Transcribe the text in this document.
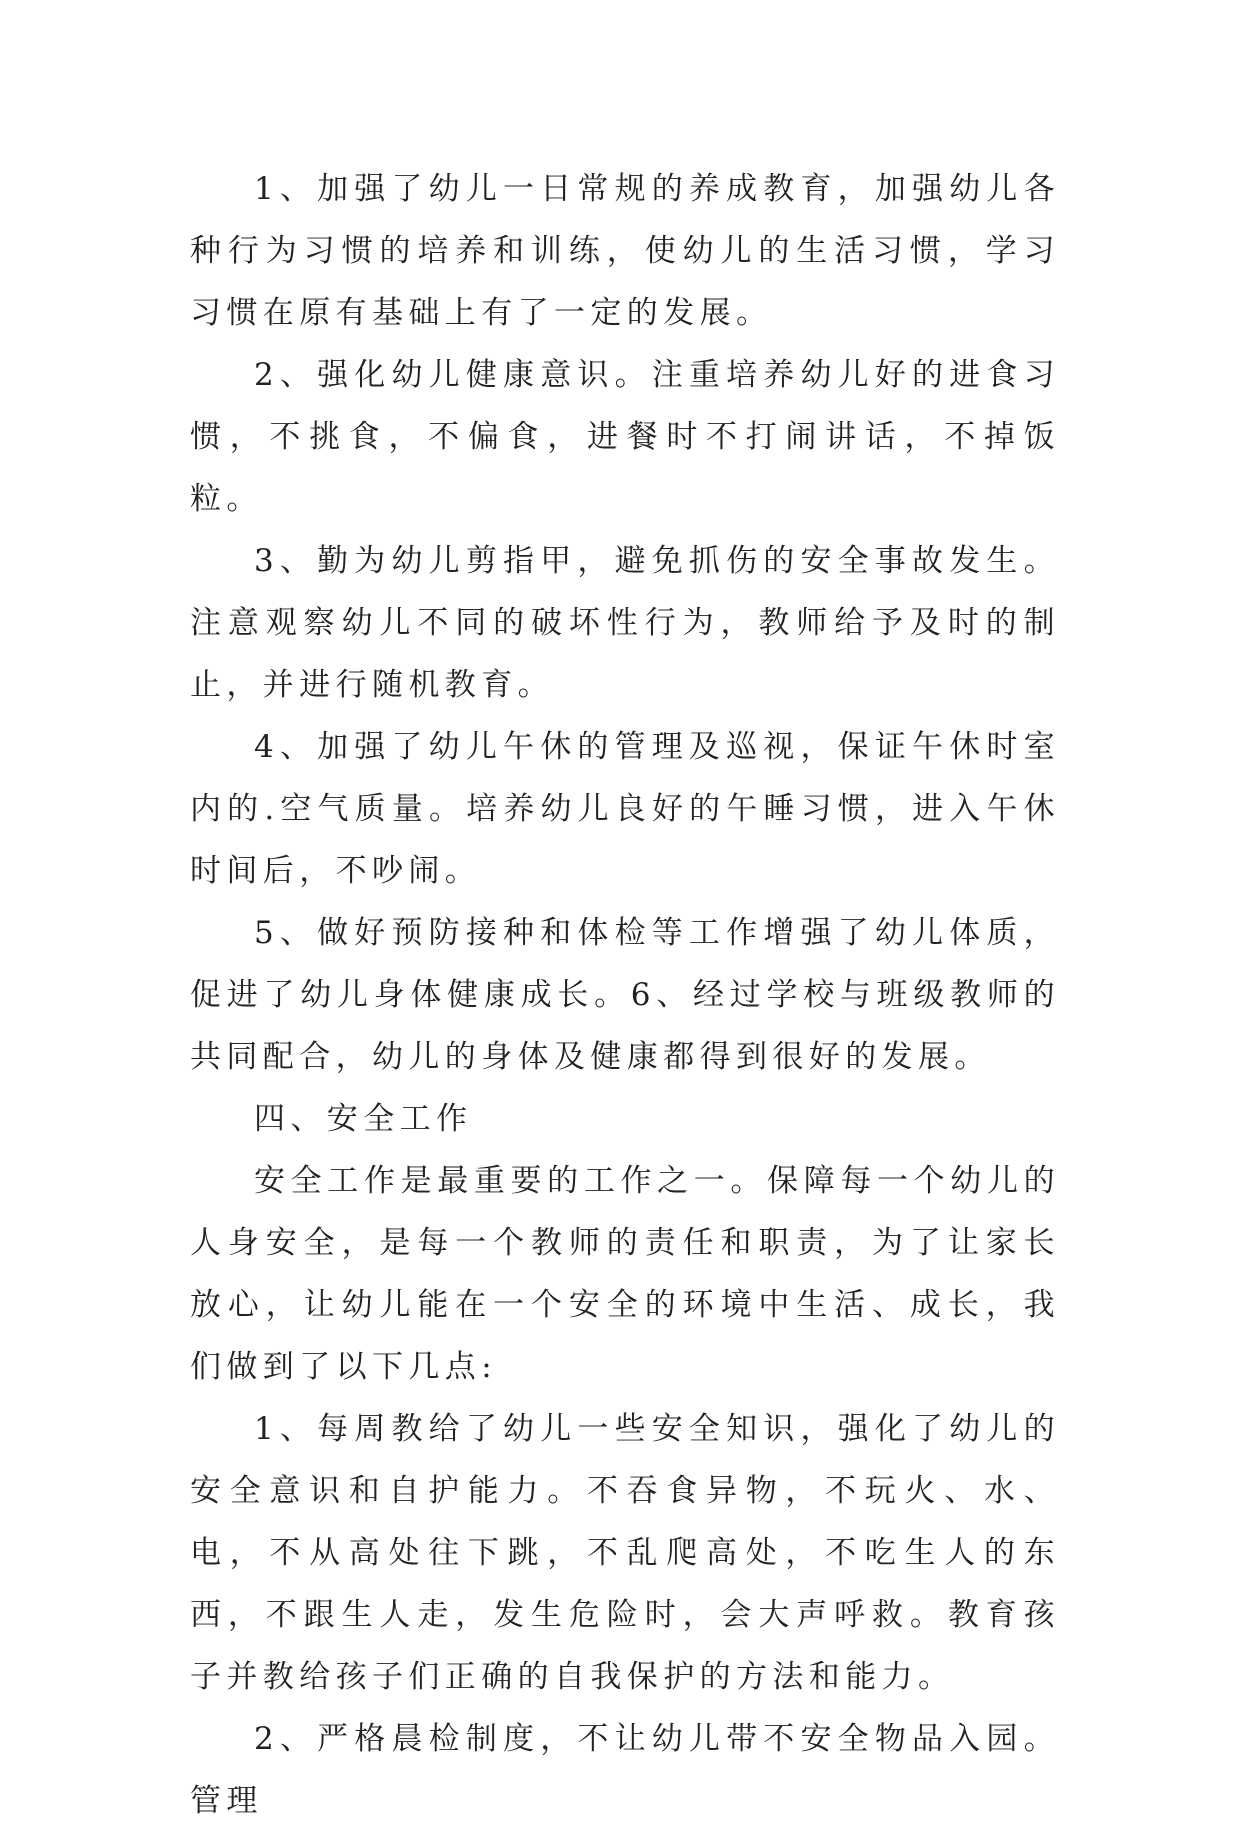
1、加强了幼儿一日常规的养成教育，加强幼儿各种行为习惯的培养和训练，使幼儿的生活习惯，学习习惯在原有基础上有了一定的发展。

2、强化幼儿健康意识。注重培养幼儿好的进食习惯，不挑食，不偏食，进餐时不打闹讲话，不掉饭粒。

3、勤为幼儿剪指甲，避免抓伤的安全事故发生。注意观察幼儿不同的破坏性行为，教师给予及时的制止，并进行随机教育。

4、加强了幼儿午休的管理及巡视，保证午休时室内的.空气质量。培养幼儿良好的午睡习惯，进入午休时间后，不吵闹。

5、做好预防接种和体检等工作增强了幼儿体质，促进了幼儿身体健康成长。6、经过学校与班级教师的共同配合，幼儿的身体及健康都得到很好的发展。

四、安全工作

安全工作是最重要的工作之一。保障每一个幼儿的人身安全，是每一个教师的责任和职责，为了让家长放心，让幼儿能在一个安全的环境中生活、成长，我们做到了以下几点:

1、每周教给了幼儿一些安全知识，强化了幼儿的安全意识和自护能力。不吞食异物，不玩火、水、电，不从高处往下跳，不乱爬高处，不吃生人的东西，不跟生人走，发生危险时，会大声呼救。教育孩子并教给孩子们正确的自我保护的方法和能力。

2、严格晨检制度，不让幼儿带不安全物品入园。管理
